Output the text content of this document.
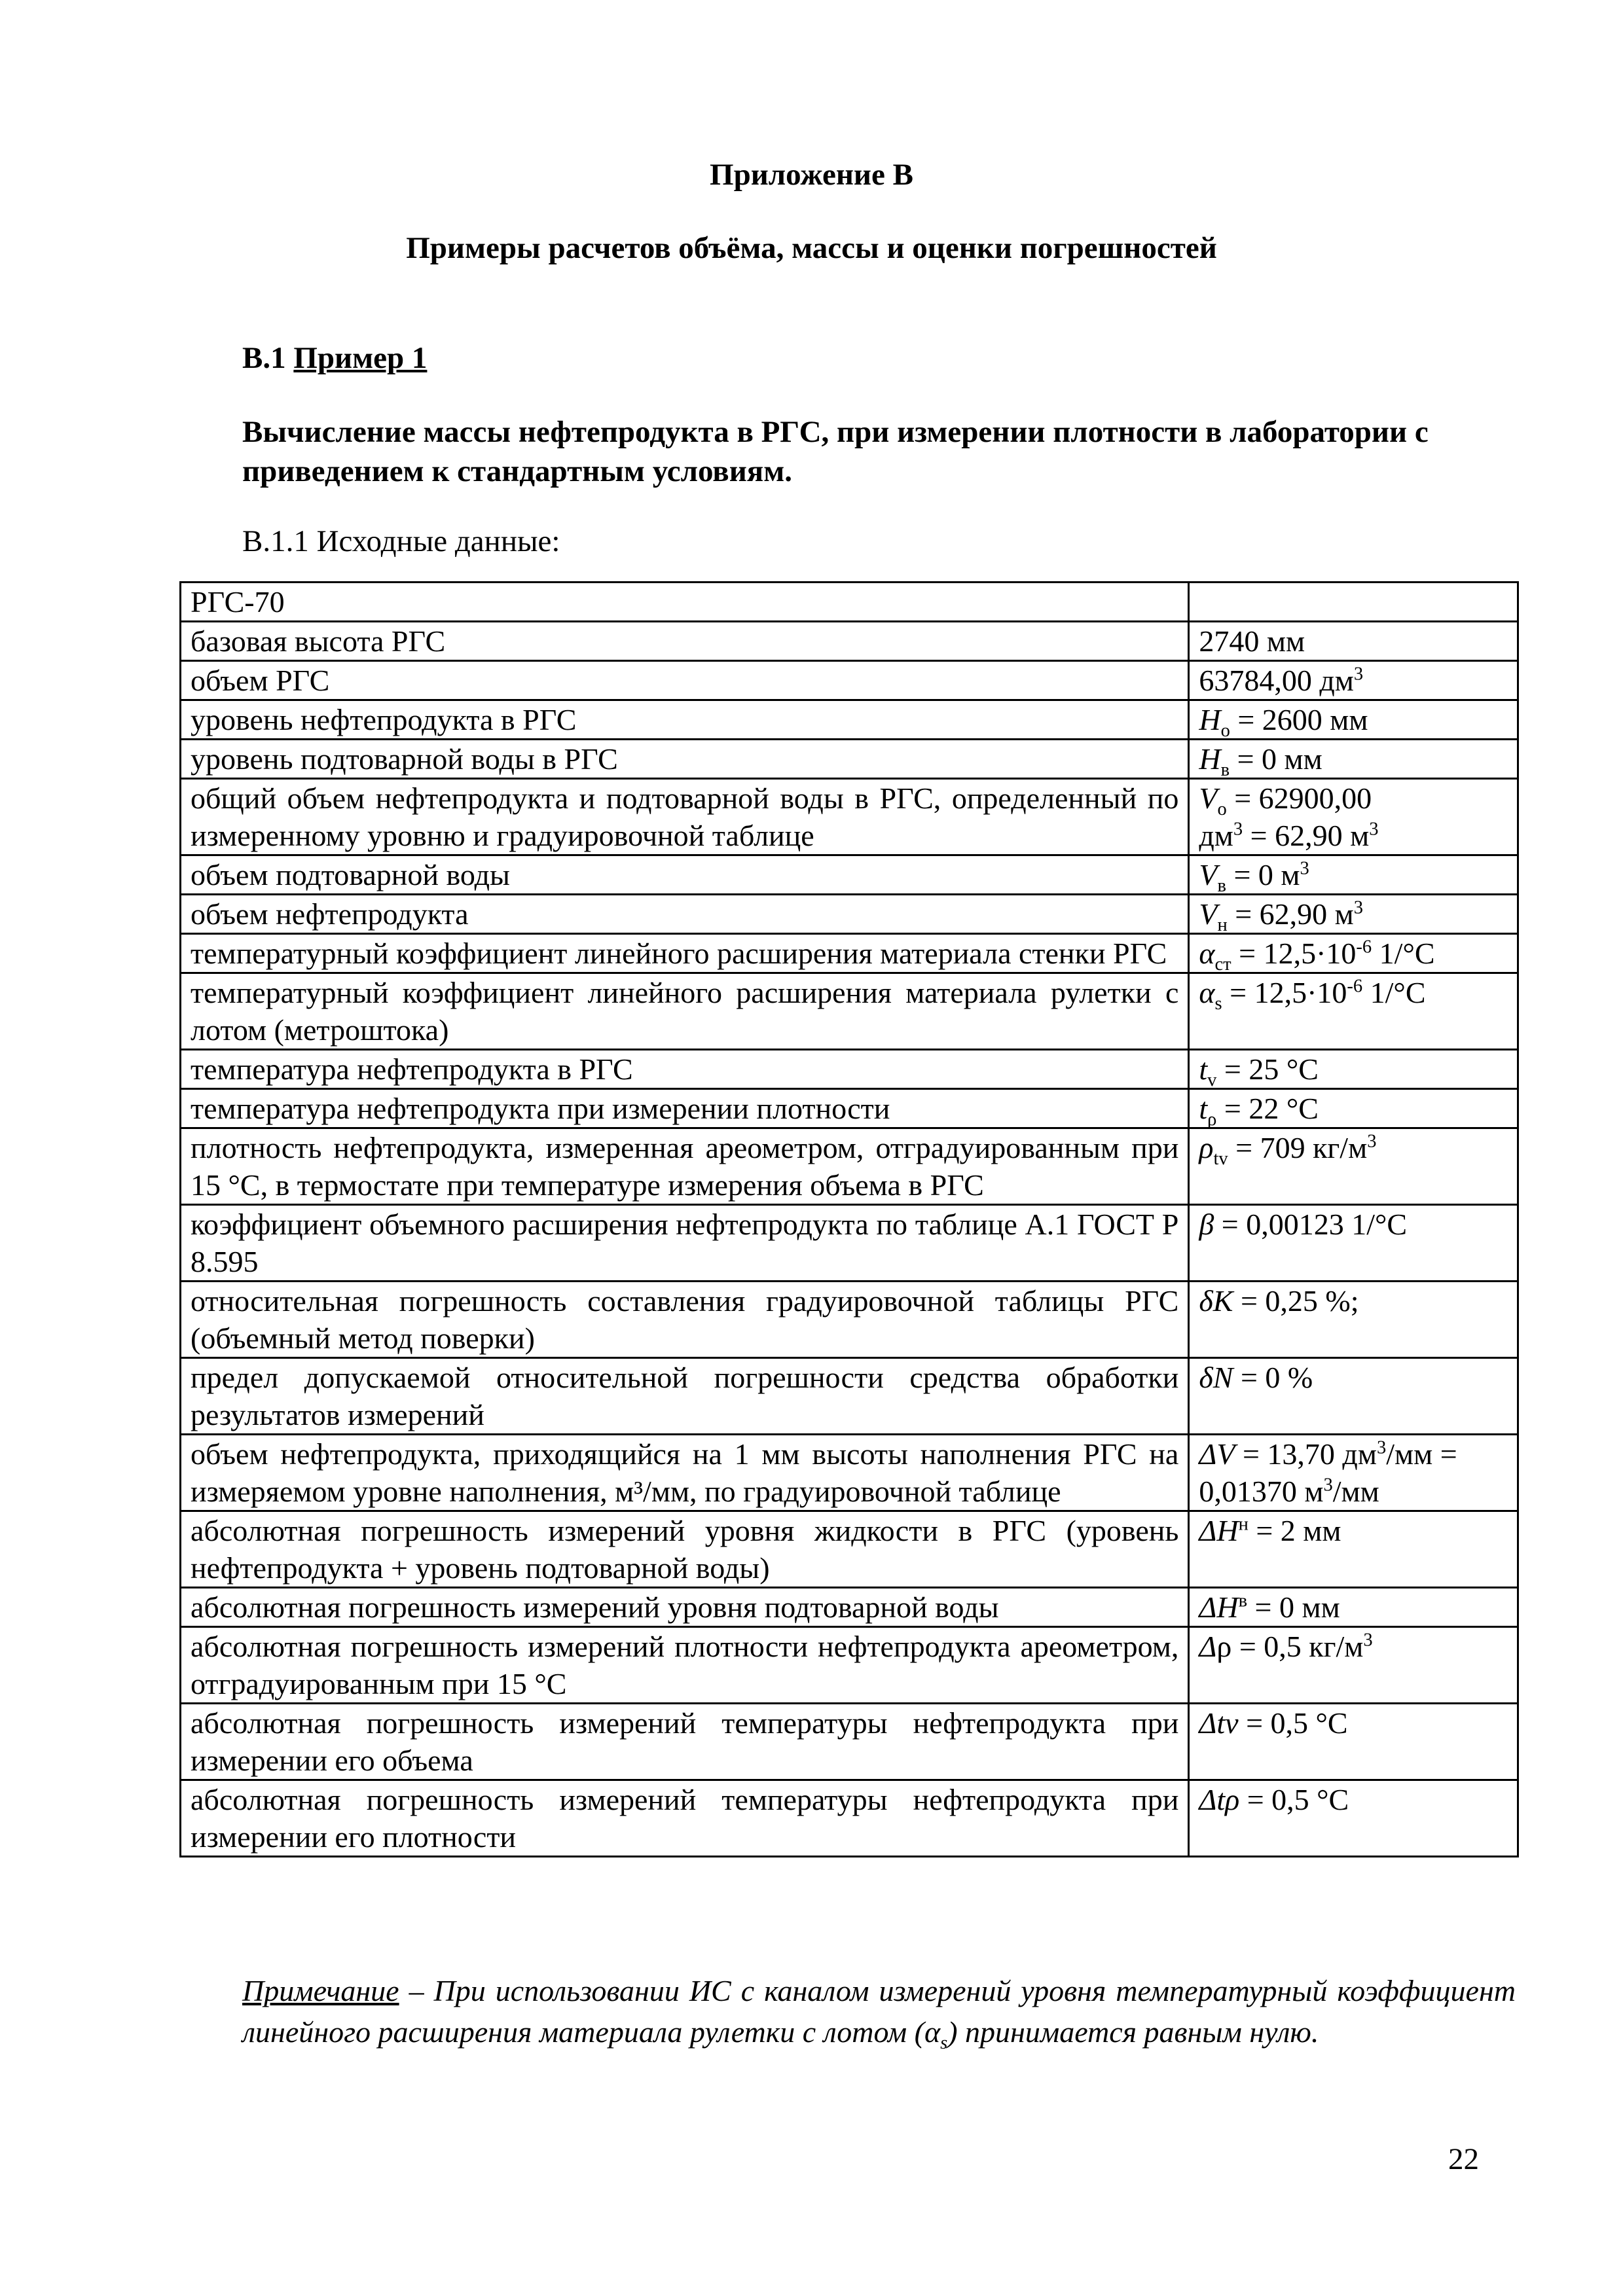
Приложение В
Примеры расчетов объёма, массы и оценки погрешностей
В.1 Пример 1

Вычисление массы нефтепродукта в РГС, при измерении плотности в лаборатории с

приведением к стандартным условиям.

В.1.1 Исходные данные:
РГС-70	
базовая высота РГС	2740 мм
объем РГС	63784,00 $дм^3$
уровень нефтепродукта в РГС	$H_о = 2600$ мм
уровень подтоварной воды в РГС	$H_в = 0$ мм
общий объем нефтепродукта и подтоварной воды в РГС, определенный по измеренному уровню и градуировочной таблице	$V_о = 62900,00$
$дм^3 = 62,90$ $м^3$
объем подтоварной воды	$V_в = 0$ $м^3$
объем нефтепродукта	$V_н = 62,90$ $м^3$
температурный коэффициент линейного расширения материала стенки РГС	$\alpha_{ст} = 12,5\cdot 10^{-6}$ 1/°С
температурный коэффициент линейного расширения материала рулетки с лотом (метроштока)	$\alpha_s = 12,5\cdot 10^{-6}$ 1/°С
температура нефтепродукта в РГС	$t_v = 25$ °С
температура нефтепродукта при измерении плотности	$t_\rho = 22$ °С
плотность нефтепродукта, измеренная ареометром, отградуированным при 15 °С, в термостате при температуре измерения объема в РГС	$\rho_{tv} = 709$ $кг/м^3$
коэффициент объемного расширения нефтепродукта по таблице А.1 ГОСТ Р 8.595	β = 0,00123 1/°С
относительная погрешность составления градуировочной таблицы РГС (объемный метод поверки)	δK = 0,25 %;
предел допускаемой относительной погрешности средства обработки результатов измерений	δN = 0 %
объем нефтепродукта, приходящийся на 1 мм высоты наполнения РГС на измеряемом уровне наполнения, м³/мм, по градуировочной таблице	ΔV = 13,70 $дм^3/мм$ =
0,01370 $м^3/мм$
абсолютная погрешность измерений уровня жидкости в РГС (уровень нефтепродукта + уровень подтоварной воды)	$\Delta H^н = 2$ мм
абсолютная погрешность измерений уровня подтоварной воды	$\Delta H^в = 0$ мм
абсолютная погрешность измерений плотности нефтепродукта ареометром, отградуированным при 15 °С	Δρ = 0,5 $кг/м^3$
абсолютная погрешность измерений температуры нефтепродукта при измерении его объема	Δtv = 0,5 °С
абсолютная погрешность измерений температуры нефтепродукта при измерении его плотности	Δtρ = 0,5 °С
Примечание – При использовании ИС с каналом измерений уровня температурный коэффициент линейного расширения материала рулетки с лотом $(\alpha_s)$ принимается равным нулю.
22
